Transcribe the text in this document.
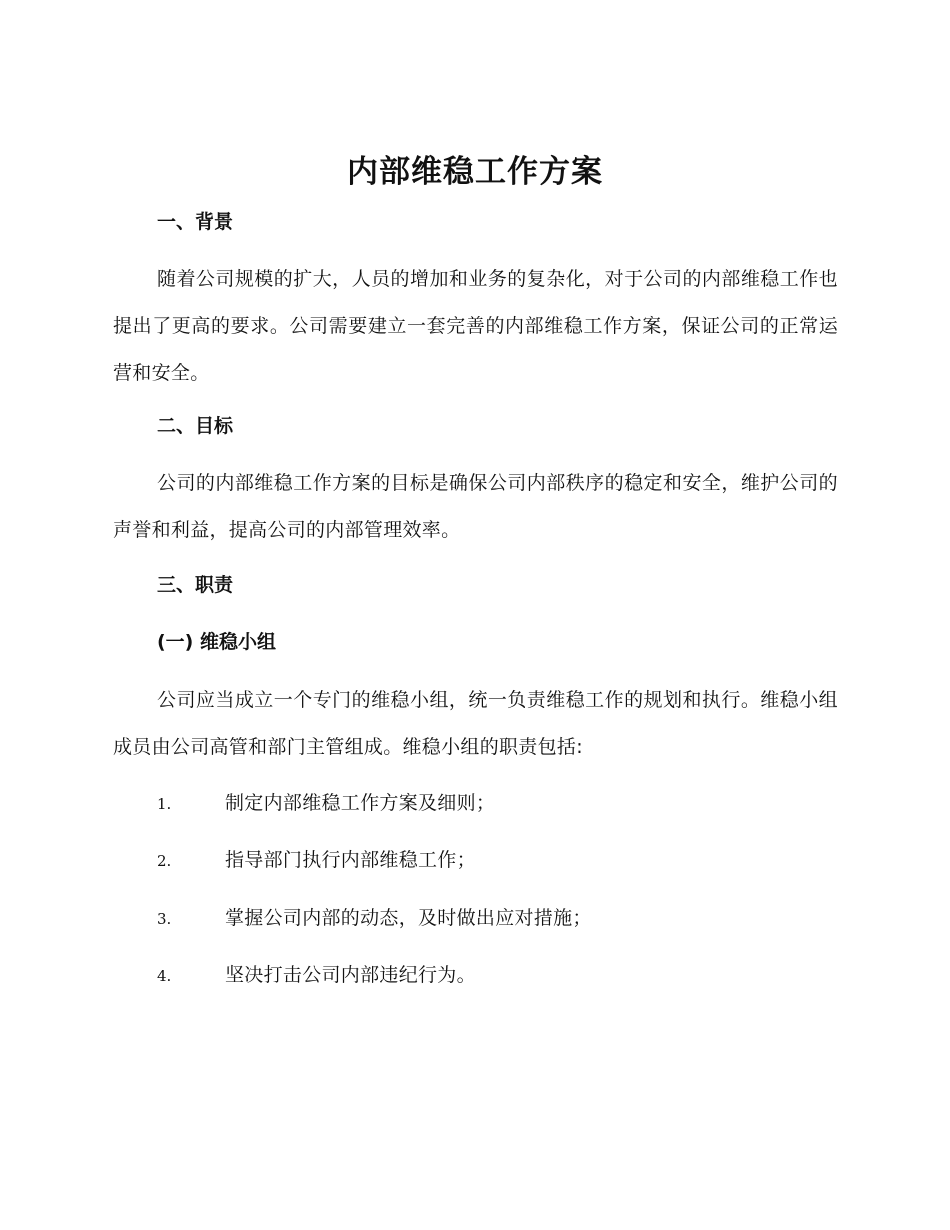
内部维稳工作方案
一、背景
随着公司规模的扩大，人员的增加和业务的复杂化，对于公司的内部维稳工作也提出了更高的要求。公司需要建立一套完善的内部维稳工作方案，保证公司的正常运营和安全。
二、目标
公司的内部维稳工作方案的目标是确保公司内部秩序的稳定和安全，维护公司的声誉和利益，提高公司的内部管理效率。
三、职责
(一) 维稳小组
公司应当成立一个专门的维稳小组，统一负责维稳工作的规划和执行。维稳小组成员由公司高管和部门主管组成。维稳小组的职责包括:
1.	制定内部维稳工作方案及细则；
2.	指导部门执行内部维稳工作；
3.	掌握公司内部的动态，及时做出应对措施；
4.	坚决打击公司内部违纪行为。
